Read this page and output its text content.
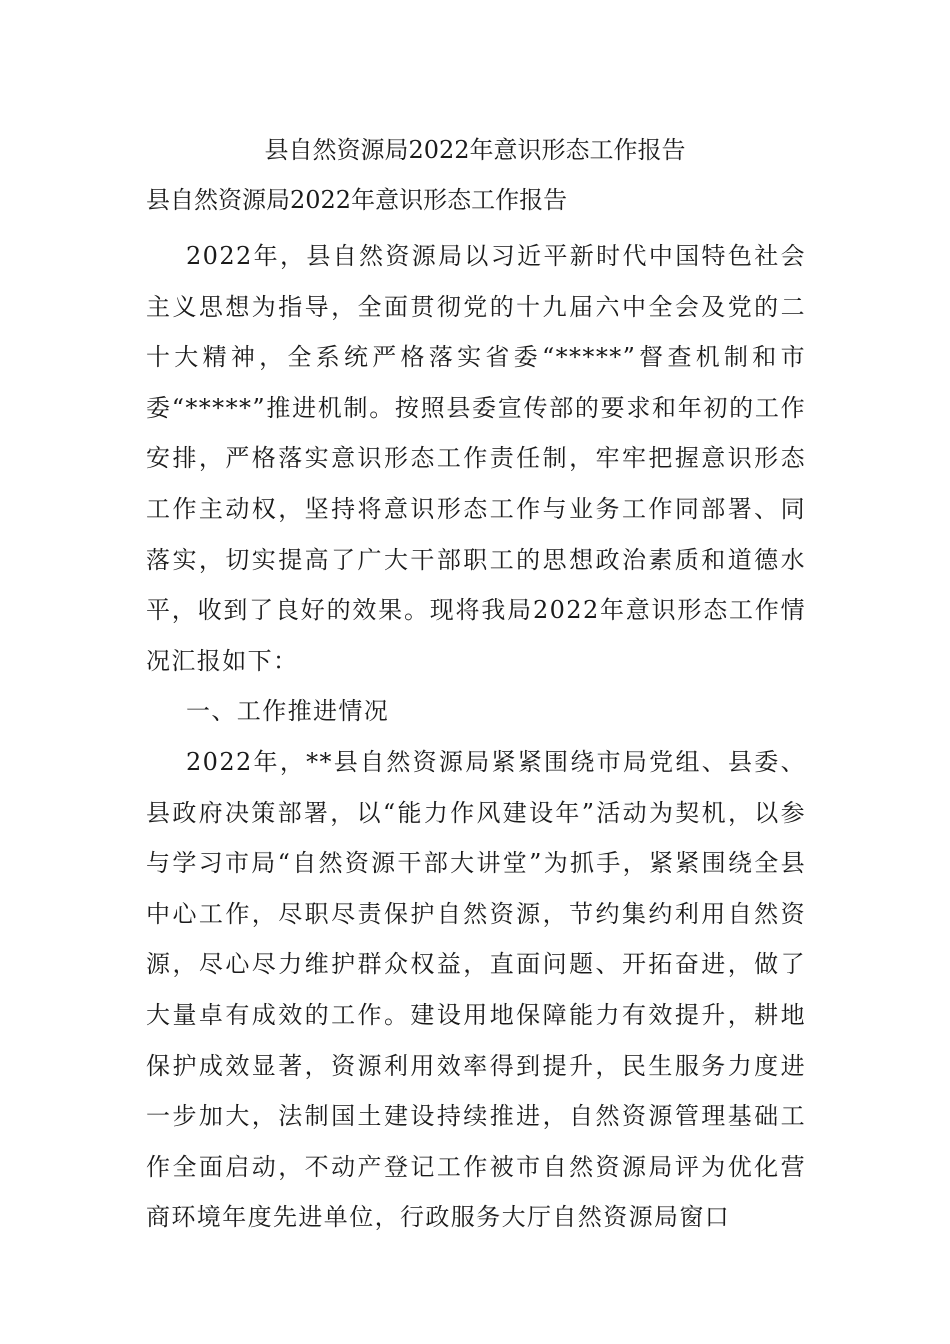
县自然资源局2022年意识形态工作报告
县自然资源局2022年意识形态工作报告

2022年，县自然资源局以习近平新时代中国特色社会主义思想为指导，全面贯彻党的十九届六中全会及党的二十大精神，全系统严格落实省委“*****”督查机制和市委“*****”推进机制。按照县委宣传部的要求和年初的工作安排，严格落实意识形态工作责任制，牢牢把握意识形态工作主动权，坚持将意识形态工作与业务工作同部署、同落实，切实提高了广大干部职工的思想政治素质和道德水平，收到了良好的效果。现将我局2022年意识形态工作情况汇报如下：

一、工作推进情况

2022年，**县自然资源局紧紧围绕市局党组、县委、县政府决策部署，以“能力作风建设年”活动为契机，以参与学习市局“自然资源干部大讲堂”为抓手，紧紧围绕全县中心工作，尽职尽责保护自然资源，节约集约利用自然资源，尽心尽力维护群众权益，直面问题、开拓奋进，做了大量卓有成效的工作。建设用地保障能力有效提升，耕地保护成效显著，资源利用效率得到提升，民生服务力度进一步加大，法制国土建设持续推进，自然资源管理基础工作全面启动，不动产登记工作被市自然资源局评为优化营商环境年度先进单位，行政服务大厅自然资源局窗口
